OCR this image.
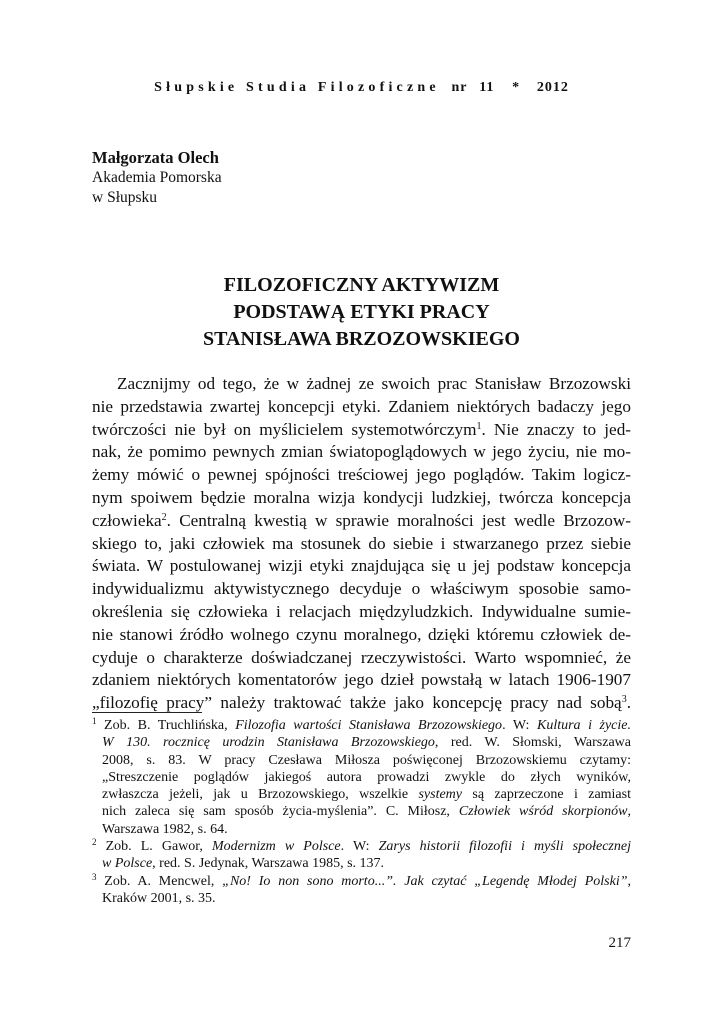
Słupskie Studia Filozoficzne nr 11 * 2012
Małgorzata Olech
Akademia Pomorska
w Słupsku
FILOZOFICZNY AKTYWIZM
PODSTAWĄ ETYKI PRACY
STANISŁAWA BRZOZOWSKIEGO
Zacznijmy od tego, że w żadnej ze swoich prac Stanisław Brzozowski
nie przedstawia zwartej koncepcji etyki. Zdaniem niektórych badaczy jego
twórczości nie był on myślicielem systemotwórczym$^1$. Nie znaczy to jed-
nak, że pomimo pewnych zmian światopoglądowych w jego życiu, nie mo-
żemy mówić o pewnej spójności treściowej jego poglądów. Takim logicz-
nym spoiwem będzie moralna wizja kondycji ludzkiej, twórcza koncepcja
człowieka$^2$. Centralną kwestią w sprawie moralności jest wedle Brzozow-
skiego to, jaki człowiek ma stosunek do siebie i stwarzanego przez siebie
świata. W postulowanej wizji etyki znajdująca się u jej podstaw koncepcja
indywidualizmu aktywistycznego decyduje o właściwym sposobie samo-
określenia się człowieka i relacjach międzyludzkich. Indywidualne sumie-
nie stanowi źródło wolnego czynu moralnego, dzięki któremu człowiek de-
cyduje o charakterze doświadczanej rzeczywistości. Warto wspomnieć, że
zdaniem niektórych komentatorów jego dzieł powstałą w latach 1906-1907
„filozofię pracy” należy traktować także jako koncepcję pracy nad sobą$^3$.
$^1$ Zob. B. Truchlińska, Filozofia wartości Stanisława Brzozowskiego. W: Kultura i życie.
W 130. rocznicę urodzin Stanisława Brzozowskiego, red. W. Słomski, Warszawa
2008, s. 83. W pracy Czesława Miłosza poświęconej Brzozowskiemu czytamy:
„Streszczenie poglądów jakiegoś autora prowadzi zwykle do złych wyników,
zwłaszcza jeżeli, jak u Brzozowskiego, wszelkie systemy są zaprzeczone i zamiast
nich zaleca się sam sposób życia-myślenia”. C. Miłosz, Człowiek wśród skorpionów,
Warszawa 1982, s. 64.
$^2$ Zob. L. Gawor, Modernizm w Polsce. W: Zarys historii filozofii i myśli społecznej
w Polsce, red. S. Jedynak, Warszawa 1985, s. 137.
$^3$ Zob. A. Mencwel, „No! Io non sono morto...”. Jak czytać „Legendę Młodej Polski”,
Kraków 2001, s. 35.
217
